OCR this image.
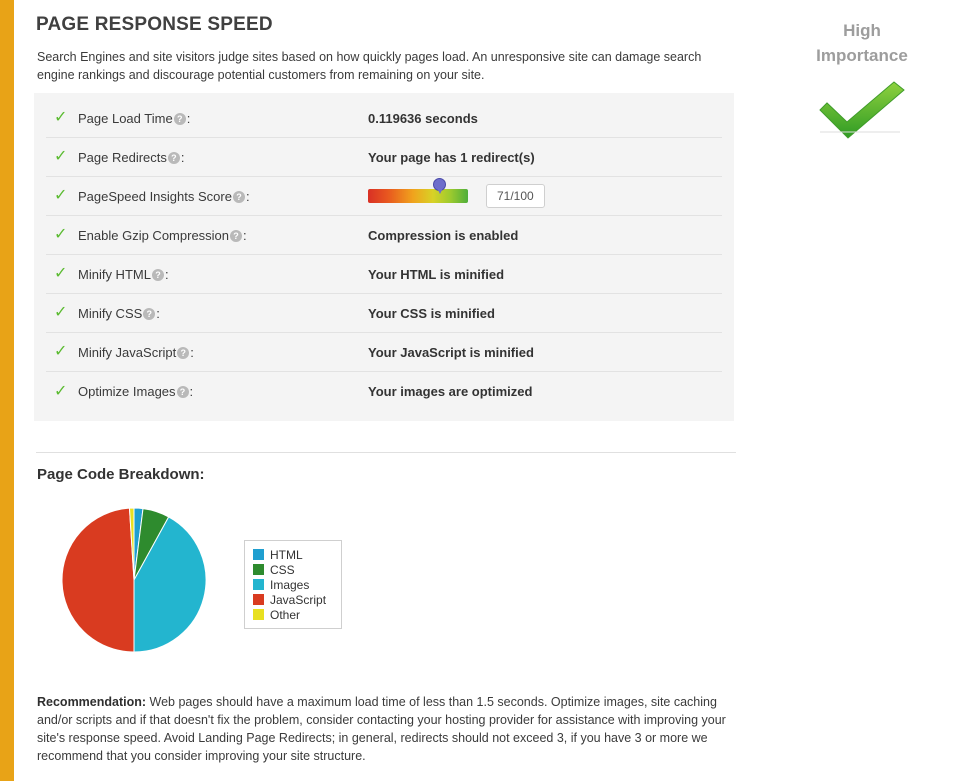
PAGE RESPONSE SPEED
Search Engines and site visitors judge sites based on how quickly pages load. An unresponsive site can damage search engine rankings and discourage potential customers from remaining on your site.
High
Importance
✓ Page Load Time ? :	0.119636 seconds
✓ Page Redirects ? :	Your page has 1 redirect(s)
✓ PageSpeed Insights Score ? :	71/100
✓ Enable Gzip Compression ? :	Compression is enabled
✓ Minify HTML ? :	Your HTML is minified
✓ Minify CSS ? :	Your CSS is minified
✓ Minify JavaScript ? :	Your JavaScript is minified
✓ Optimize Images ? :	Your images are optimized
Page Code Breakdown:
HTML
CSS
Images
JavaScript
Other
Recommendation: Web pages should have a maximum load time of less than 1.5 seconds. Optimize images, site caching and/or scripts and if that doesn't fix the problem, consider contacting your hosting provider for assistance with improving your site's response speed. Avoid Landing Page Redirects; in general, redirects should not exceed 3, if you have 3 or more we recommend that you consider improving your site structure.
